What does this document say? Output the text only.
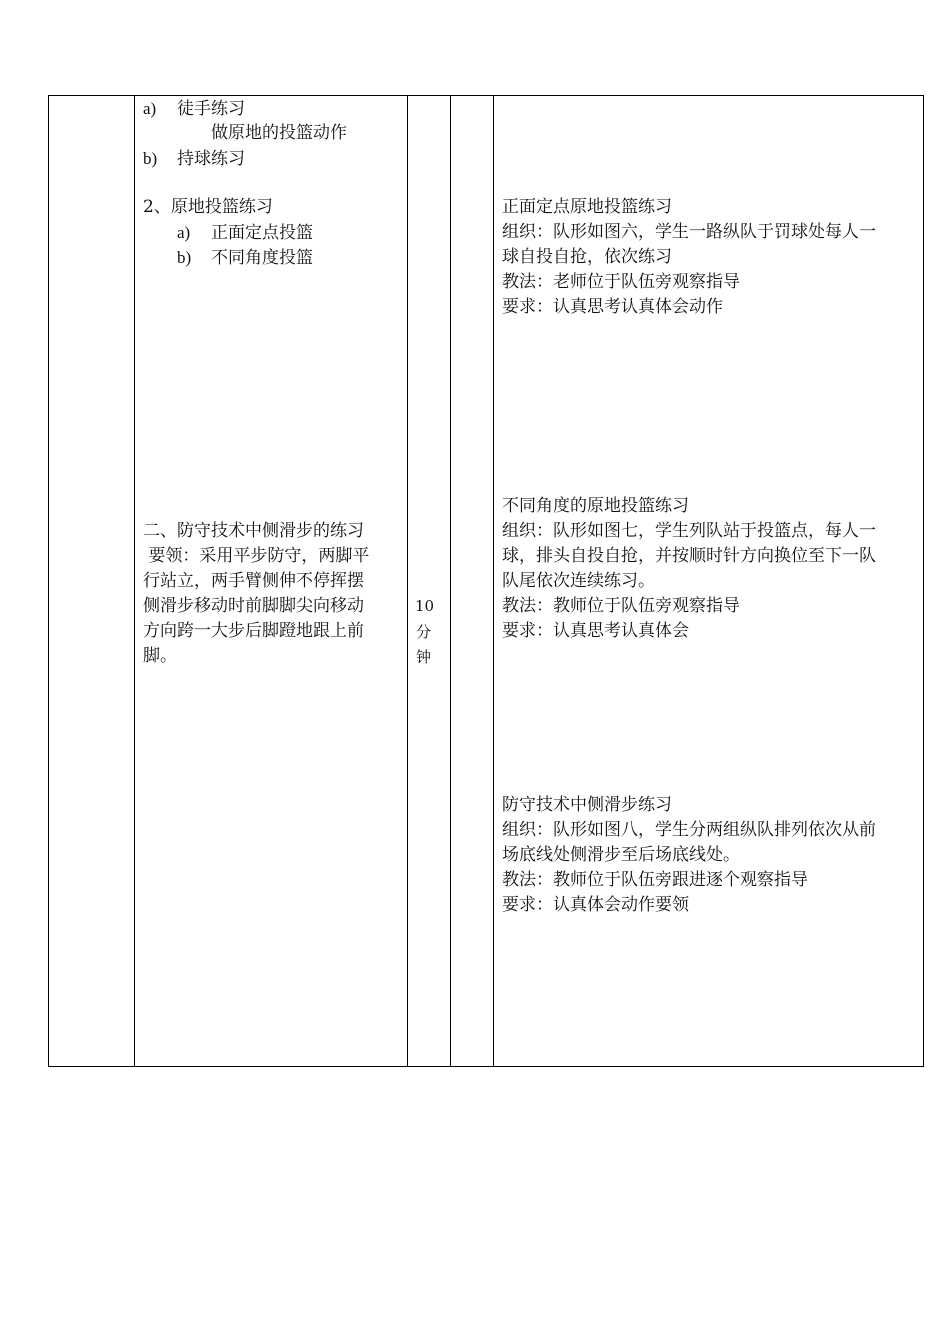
a) 徒手练习
做原地的投篮动作
b) 持球练习
2、原地投篮练习
a) 正面定点投篮
b) 不同角度投篮
二、防守技术中侧滑步的练习
要领：采用平步防守，两脚平
行站立，两手臂侧伸不停挥摆
侧滑步移动时前脚脚尖向移动
方向跨一大步后脚蹬地跟上前
脚。
10
分
钟
正面定点原地投篮练习
组织：队形如图六，学生一路纵队于罚球处每人一
球自投自抢，依次练习
教法：老师位于队伍旁观察指导
要求：认真思考认真体会动作
不同角度的原地投篮练习
组织：队形如图七，学生列队站于投篮点，每人一
球，排头自投自抢，并按顺时针方向换位至下一队
队尾依次连续练习。
教法：教师位于队伍旁观察指导
要求：认真思考认真体会
防守技术中侧滑步练习
组织：队形如图八，学生分两组纵队排列依次从前
场底线处侧滑步至后场底线处。
教法：教师位于队伍旁跟进逐个观察指导
要求：认真体会动作要领
